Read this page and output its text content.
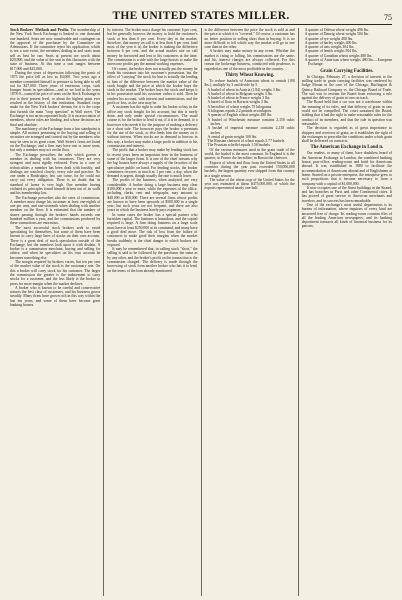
THE UNITED STATES MILLER.	75

Stock Brokers' Methods and Profits. The membership of the New York Stock Exchange is limited to one thousand one hundred. Seats are now transferable and contingent on the approval of the purchaser by the Committee on Admissions. If the committee reject his application, which is not a rare event, the members dealing in and seats must sell as best he can. Seats at present are worth about $20,000, and the value of the seat in this fluctuates with the state of business. At this time a seat ranges between $17,000 and $25,000.

During the years of depression following the panic of 1873 the price fell as low as $4,000. Two years ago a member committed himself to pressure to being able to sell out for $27,000. Three years of enormous crops, such bumper boom in speculation—and so we had in the years 1878-9—caused the price of seats on the Stock Exchange to rise to their present level, or about the highest point ever reached in the history of that institution. Standard crops make for the New York brokers' dreams for it is the crops that furnish the main "crop question" in Wall street. The Exchange is not an incorporated body. It is an association of members, whose rules are binding, and whose decisions are final and absolute.

The machinery of the Exchange from a law standpoint is simple. All matters pertaining to the buying and selling of securities are arranged and carried out by the members who may be seen in its great room. Wall Street's firms are listed on the Exchange; and a firm may have one or more seats, but only a member may act on the floor.

The Exchange prescribes the rules which govern a member in dealing with his customers. They are very stringent and most rigidly enforced. Even in a case of technicalities a member has been dealt with harshly, and dealings are watched closely; every rule and practice. No one under a Bankruptcy law can come, for he could not carry out every obligation. There is no doubt that its standard of honor is very high. One member having violated its principles found himself driven out of its walls and his membership lost.

The Exchange prescribes also the rates of commission. A member must charge his customer at least one-eighth of one per cent, and one-sixteenth when dealing with another member on the floor. It is estimated that the number of shares passing through the brokers' hands exceeds one hundred million a year, and the commissions produced by these transactions are enormous.

The most successful stock brokers seek to avoid speculating for themselves, but some of them have been known to carry large lines of stocks on their own account. There is a great deal of stock speculation outside of the Exchange, but the members look upon it with disdain. A broker is a commission merchant, buying and selling for others; and when he speculates on his own account he becomes something else.

The margin required by brokers varies, but ten per cent of the market value of the stock is the customary rate. On this a broker will carry stock for his customer. The larger the commission the greater is the inducement to carry stocks for a customer, and the less likely is the broker to press for more margin when the market declines.

A broker who is known to be careful and conservative attracts the best class of customers, and his business grows steadily. Many firms have grown rich in this way within the last ten years, and some of them have become great banking houses.

by interest. The broker must charge his customer 6 per cent, but he generally borrows the money to hold the customer's stock at less than 6 per cent. Every day in the market, therefore, that money on call is at less than 6 per cent. (and most of the year it is) the broker is making the difference between 6 per cent. and the actual market rate on call money he borrowed and lent to his customers at the time. The commission is a side with the large houses to make the intercorse profits pay the annual working expenses.

Of course, the broker does not actually put the money he lends his customer into his customer's possession, but the effect of "carrying" the stock for him is actually the lending to him of the difference between the market value of the stock bought and the price at which the broker buys the stock in the market. The broker buys the stock and keeps it in his possession until his customer orders it sold. Then he renders his account, with interest and commissions, and the profit or loss, as the case may be.

A customer has the right to order his broker to buy in the office any stock bought for his account; but this is rarely done, and only under special circumstances. The usual course is for the broker to lend it out, if it is in demand, to a borrower who needs it for the purpose of making a delivery on a short sale. The borrower pays the broker a premium for the use of the stock, or else lends him the money on it without interest. When stocks are in demand to borrow in this way, a broker may make a large profit in addition to his commission and interest.

The profit that a broker may make by lending stock has in recent years been an important item in the business of some of the larger firms. It is one of the chief reasons why the big houses have always a supply of the favorites of the speculative public on hand. For lending stocks, the broker sometimes receives as much as 1 per cent. a day, when the demand is urgent, though usually the rate is much lower.

The profits of the business, when analyzed, are very considerable. A broker doing a large business may clear $100,000 a year or more, while the expenses of the office, including clerks, rent and telegraphs, may amount to $40,000 or $50,000. There are several firms whose profits are known to have been upwards of $500,000 in a single year; but such years are not frequent, and there are also years in which the business barely pays expenses.

In some cases the broker has a special partner who furnishes capital. The business is hazardous, and the capital required is large. A firm doing business on a large scale must have at least $250,000 at its command, and many have a good deal more. The risk of loss from the failure of customers to make good their margins when the market breaks suddenly is the chief danger to which brokers are exposed.

It may be remembered that, in calling stock "short," the selling is said to be followed by the purchaser the same as by any other, and the broker's profit on the transaction is the commission charged. The delivery is made through the borrowing of stock from another broker who has it to lend, on the terms of the loan already mentioned.

is the difference between the price the stock is sold at and the price at which it is "covered." Of course, a customer has no better position in selling short than in buying. It is no more difficult to tell which way the market will go in one case than in the other.

A broker may make money in any event. Whether the market is rising or falling, his commissions are the same, and his interest charges are always collected. For this reason the brokerage business, conducted with prudence, is regarded as one of the most profitable in the country.

Thirty Wheat Knowing.

To reduce bushels of American wheat to centals (100 lbs.), multiply by 3 and divide by 5.

A bushel of wheat in Austria (1.84) weighs 3 lbs.

A bushel of wheat in Belgium weighs 3 lbs.

A bushel of wheat in France weighs 3 lbs.

A barrel of flour in Bavaria weighs 3 lbs.

A hectolitre of wheat weighs 75 kilograms.

A kilogram equals 2.2 pounds avoirdupois.

A quarter of English wheat weighs 480 lbs.

A bushel of Winchester measure contains 2,150 cubic inches.

A bushel of imperial measure contains 2,218 cubic inches.

A cental of grain weighs 100 lbs.

The Russian chetwert of wheat equals 5.77 bushels.

The Prussian scheffel equals 1.56 bushels.

Of the various measures used in the grain trade of the world, the bushel is the most common. In England it is the quarter; in France the hectolitre; in Russia the chetwert.

Exports of wheat and flour from the United States to all countries during the year past exceeded 150,000,000 bushels, the largest quantity ever shipped from this country in a single season.

The value of the wheat crop of the United States for the year was estimated at about $475,000,000, of which the exports represented nearly one-half.

A quarter of Odessa wheat weighs 496 lbs.

A quarter of Danzig wheat weighs 504 lbs.

A quarter of rye weighs 480 lbs.

A quarter of barley weighs 400 lbs.

A quarter of oats weighs 304 lbs.

A quarter of lentils weighs 504 lbs.

A quarter of Canadian wheat weighs 480 lbs.

A quarter of American wheat weighs 480 lbs.—European Exchange.

Grain Carrying Facilities.

In Chicago, February 27, a decision of interest to the milling trade in grain carrying facilities was rendered by Judge Moran in the case of the Chicago, Burlington & Quincy Railroad Company vs. the Chicago Board of Trade. The suit was to restrain the Board from enforcing a rule against the delivery of grain in cars on track.

The Board held that a car was not a warehouse within the meaning of its rules, and that delivery of grain in cars could not be compelled. The court sustained the Board, holding that it had the right to make reasonable rules for the conduct of its members, and that the rule in question was reasonable.

The decision is regarded as of great importance to shippers and receivers of grain, as it establishes the right of the exchanges to prescribe the conditions under which grain shall be delivered on contracts.

The American Exchange in Loud n.

Our readers, or many of them, have doubtless heard of the American Exchange in London, the combined banking house, post-office, reading-room and hotel for Americans abroad. It was established in 1880 to facilitate the accommodation of Americans abroad and of Englishmen at home. Started on a private enterprise, the enterprise grew to such proportions that it became necessary to form a company with a capital of $1,000,000.

It now occupies one of the finest buildings in the Strand, and has branches in Paris and other Continental cities. It has proved of great service to American merchants and travelers, and its success has been remarkable.

One of the exchange's most useful departments is its bureau of information, where inquiries of every kind are answered free of charge. Its reading-room contains files of all the leading American newspapers, and its banking department transacts all kinds of financial business for its patrons.
